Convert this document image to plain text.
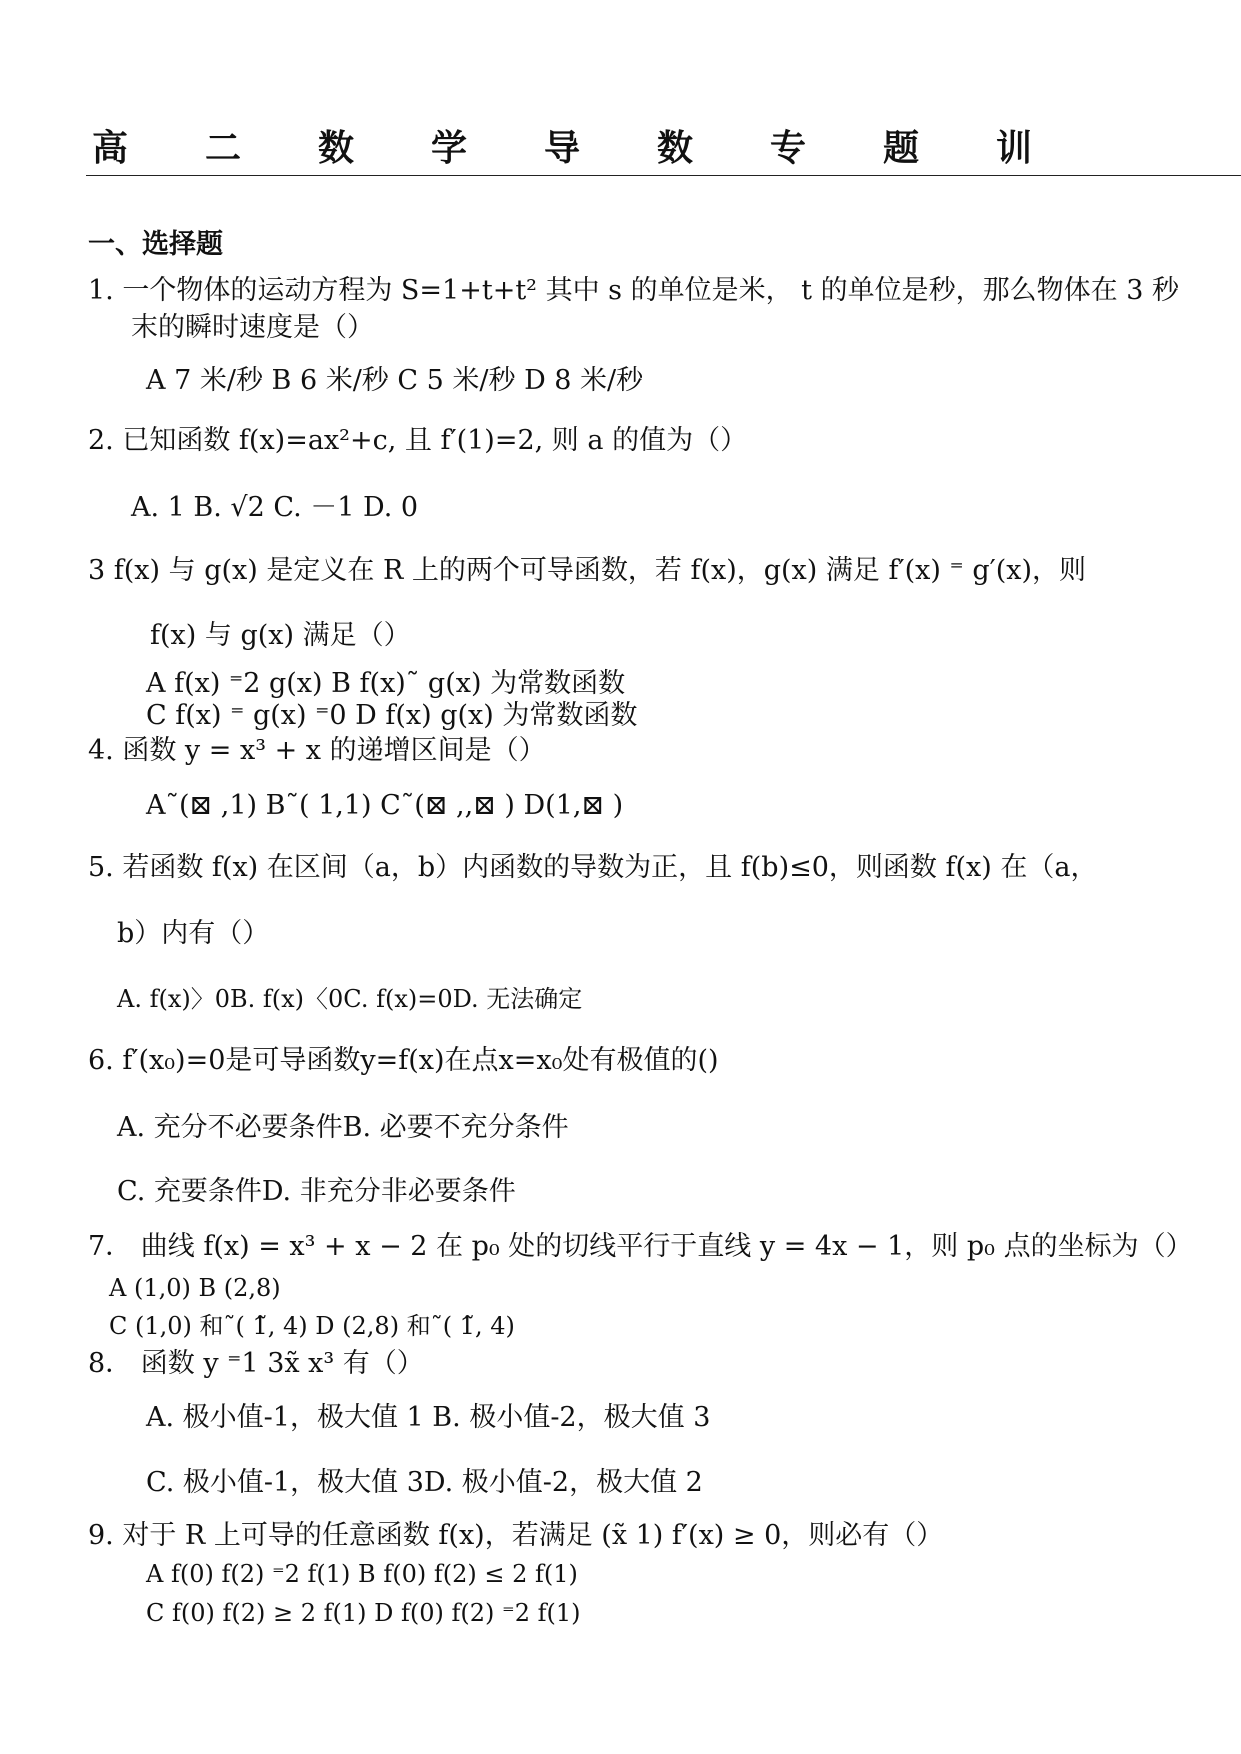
高 二 数 学 导 数 专 题 训
一、选择题
1. 一个物体的运动方程为 S=1+t+t² 其中 s 的单位是米， t 的单位是秒，那么物体在 3 秒
末的瞬时速度是（）
A 7 米/秒 B 6 米/秒 C 5 米/秒 D 8 米/秒
2. 已知函数 f(x)=ax²+c, 且 f′(1)=2, 则 a 的值为（）
A. 1 B. √2 C. －1 D. 0
3 f(x) 与 g(x) 是定义在 R 上的两个可导函数，若 f(x)，g(x) 满足 f′(x) ⁼ g′(x)，则
f(x) 与 g(x) 满足（）
A f(x) ⁼2 g(x) B f(x)˜ g(x) 为常数函数
C f(x) ⁼ g(x) ⁼0 D f(x) g(x) 为常数函数
4. 函数 y = x³ + x 的递增区间是（）
A˜(⊠ ,1) B˜( 1,1) C˜(⊠ ,,⊠ ) D(1,⊠ )
5. 若函数 f(x) 在区间（a，b）内函数的导数为正，且 f(b)≤0，则函数 f(x) 在（a，
b）内有（）
A. f(x)〉0B. f(x)〈0C. f(x)=0D. 无法确定
6. f′(x₀)=0是可导函数y=f(x)在点x=x₀处有极值的()
A. 充分不必要条件B. 必要不充分条件
C. 充要条件D. 非充分非必要条件
7． 曲线 f(x) = x³ + x − 2 在 p₀ 处的切线平行于直线 y = 4x − 1，则 p₀ 点的坐标为（）
A (1,0) B (2,8)
C (1,0) 和˜( 1̃, 4) D (2,8) 和˜( 1̃, 4)
8． 函数 y ⁼1 3x̃ x³ 有（）
A. 极小值-1，极大值 1 B. 极小值-2，极大值 3
C. 极小值-1，极大值 3D. 极小值-2，极大值 2
9. 对于 R 上可导的任意函数 f(x)，若满足 (x̃ 1) f′(x) ≥ 0，则必有（）
A f(0) f(2) ⁼2 f(1) B f(0) f(2) ≤ 2 f(1)
C f(0) f(2) ≥ 2 f(1) D f(0) f(2) ⁼2 f(1)
